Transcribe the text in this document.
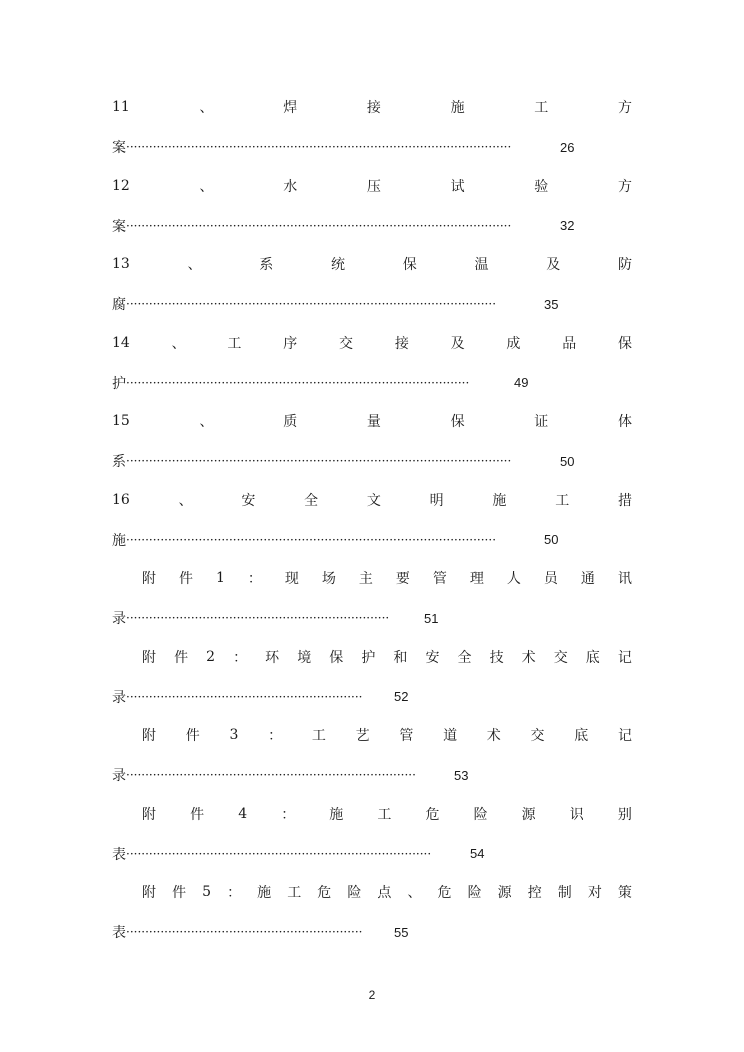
11	、	焊	接	施	工	方
案 ·····································································································	26
12	、	水	压	试	验	方
案 ·····································································································	32
13	、	系	统	保	温	及	防
腐 ·································································································	35
14	、	工	序	交	接	及	成	品	保
护 ··························································································	49
15	、	质	量	保	证	体
系 ·····································································································	50
16	、	安	全	文	明	施	工	措
施 ·································································································	50
附 件 1 ： 现 场 主 要 管 理 人 员 通 讯
录 ·····································································	51
附 件 2 ： 环 境 保 护 和 安 全 技 术 交 底 记
录 ······························································	52
附 件 3 ： 工 艺 管 道 术 交 底 记
录 ············································································	53
附 件 4 ： 施 工 危 险 源 识 别
表 ················································································	54
附 件 5 ： 施 工 危 险 点 、 危 险 源 控 制 对 策
表 ······························································	55
2
